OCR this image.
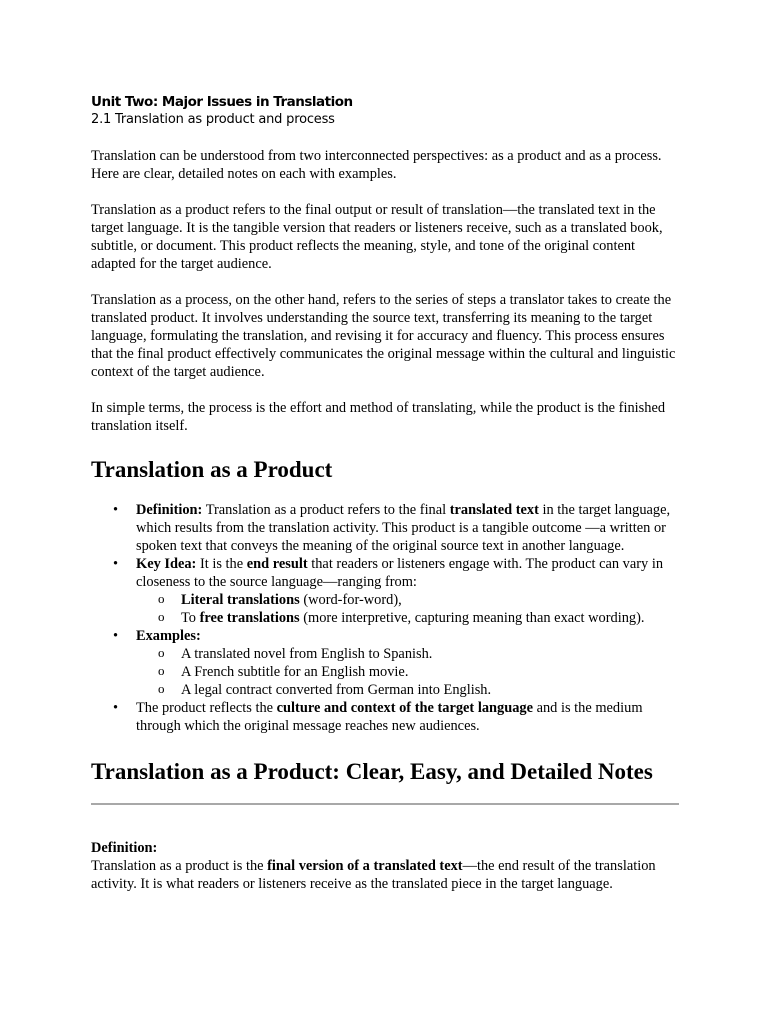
Unit Two: Major Issues in Translation

2.1 Translation as product and process

Translation can be understood from two interconnected perspectives: as a product and as a process. Here are clear, detailed notes on each with examples.

Translation as a product refers to the final output or result of translation—the translated text in the target language. It is the tangible version that readers or listeners receive, such as a translated book, subtitle, or document. This product reflects the meaning, style, and tone of the original content adapted for the target audience.

Translation as a process, on the other hand, refers to the series of steps a translator takes to create the translated product. It involves understanding the source text, transferring its meaning to the target language, formulating the translation, and revising it for accuracy and fluency. This process ensures that the final product effectively communicates the original message within the cultural and linguistic context of the target audience.

In simple terms, the process is the effort and method of translating, while the product is the finished translation itself.

Translation as a Product
• Definition: Translation as a product refers to the final translated text in the target language, which results from the translation activity. This product is a tangible outcome —a written or spoken text that conveys the meaning of the original source text in another language.
• Key Idea: It is the end result that readers or listeners engage with. The product can vary in closeness to the source language—ranging from:
o Literal translations (word-for-word),
o To free translations (more interpretive, capturing meaning than exact wording).
• Examples:
o A translated novel from English to Spanish.
o A French subtitle for an English movie.
o A legal contract converted from German into English.
• The product reflects the culture and context of the target language and is the medium through which the original message reaches new audiences.
Translation as a Product: Clear, Easy, and Detailed Notes

Definition:

Translation as a product is the final version of a translated text—the end result of the translation activity. It is what readers or listeners receive as the translated piece in the target language.
